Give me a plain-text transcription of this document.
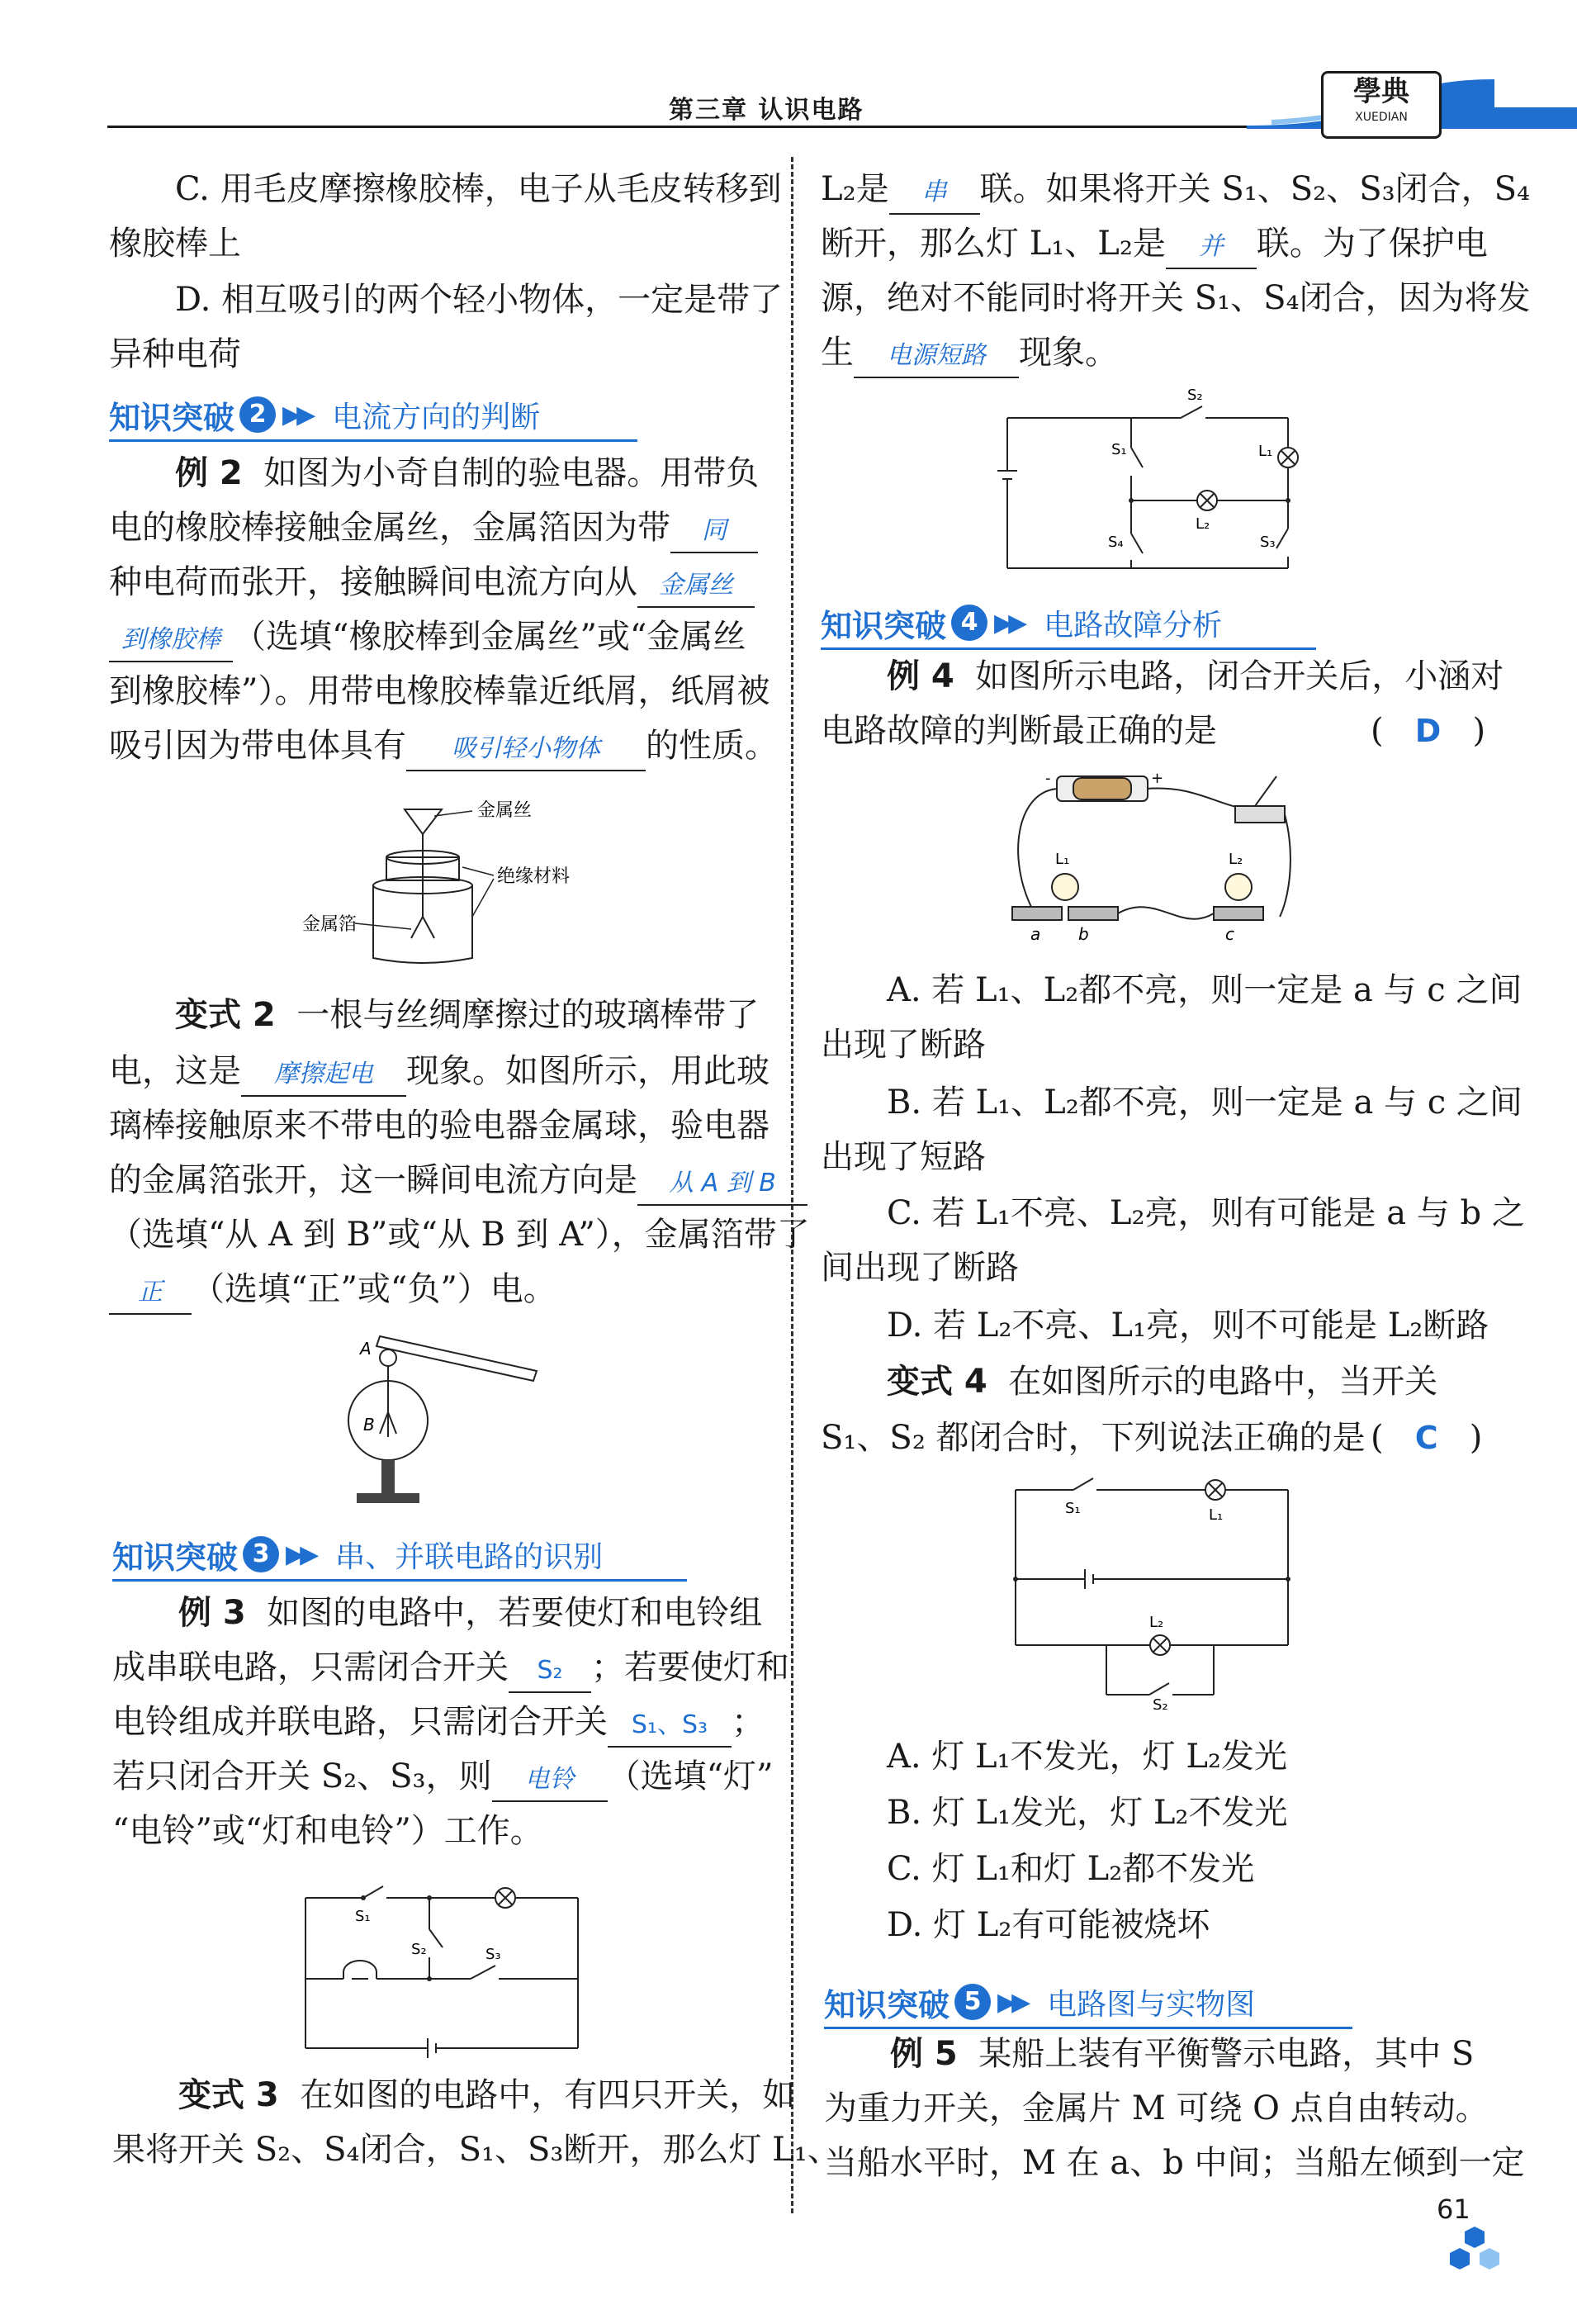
第三章 认识电路
學典
XUEDIAN
C. 用毛皮摩擦橡胶棒，电子从毛皮转移到
橡胶棒上
D. 相互吸引的两个轻小物体，一定是带了
异种电荷
知识突破 2 ▶▶ 电流方向的判断
例 2 如图为小奇自制的验电器。用带负
电的橡胶棒接触金属丝，金属箔因为带 同
种电荷而张开，接触瞬间电流方向从 金属丝
到橡胶棒 （选填“橡胶棒到金属丝”或“金属丝
到橡胶棒”）。用带电橡胶棒靠近纸屑，纸屑被
吸引因为带电体具有 吸引轻小物体 的性质。
金属丝
绝缘材料
金属箔
变式 2 一根与丝绸摩擦过的玻璃棒带了
电，这是 摩擦起电 现象。如图所示，用此玻
璃棒接触原来不带电的验电器金属球，验电器
的金属箔张开，这一瞬间电流方向是 从 A 到 B
（选填“从 A 到 B”或“从 B 到 A”），金属箔带了
正 （选填“正”或“负”）电。
A
B
知识突破 3 ▶▶ 串、并联电路的识别
例 3 如图的电路中，若要使灯和电铃组
成串联电路，只需闭合开关 S₂ ；若要使灯和
电铃组成并联电路，只需闭合开关 S₁、S₃ ；
若只闭合开关 S₂、S₃，则 电铃 （选填“灯”
“电铃”或“灯和电铃”）工作。
S₁
S₂	S₃
变式 3 在如图的电路中，有四只开关，如
果将开关 S₂、S₄闭合，S₁、S₃断开，那么灯 L₁、
L₂是 串 联。如果将开关 S₁、S₂、S₃闭合，S₄
断开，那么灯 L₁、L₂是 并 联。为了保护电
源，绝对不能同时将开关 S₁、S₄闭合，因为将发
生 电源短路 现象。
S₂
S₁	L₁
L₂
S₄	S₃
知识突破 4 ▶▶ 电路故障分析
例 4 如图所示电路，闭合开关后，小涵对
电路故障的判断最正确的是	(   D   )
+
-
L₁	L₂
a b	c
A. 若 L₁、L₂都不亮，则一定是 a 与 c 之间
出现了断路
B. 若 L₁、L₂都不亮，则一定是 a 与 c 之间
出现了短路
C. 若 L₁不亮、L₂亮，则有可能是 a 与 b 之
间出现了断路
D. 若 L₂不亮、L₁亮，则不可能是 L₂断路
变式 4 在如图所示的电路中，当开关
S₁、S₂ 都闭合时，下列说法正确的是 (   C   )
S₁	L₁
L₂
S₂
A. 灯 L₁不发光，灯 L₂发光
B. 灯 L₁发光，灯 L₂不发光
C. 灯 L₁和灯 L₂都不发光
D. 灯 L₂有可能被烧坏
知识突破 5 ▶▶ 电路图与实物图
例 5 某船上装有平衡警示电路，其中 S
为重力开关，金属片 M 可绕 O 点自由转动。
当船水平时，M 在 a、b 中间；当船左倾到一定
61
